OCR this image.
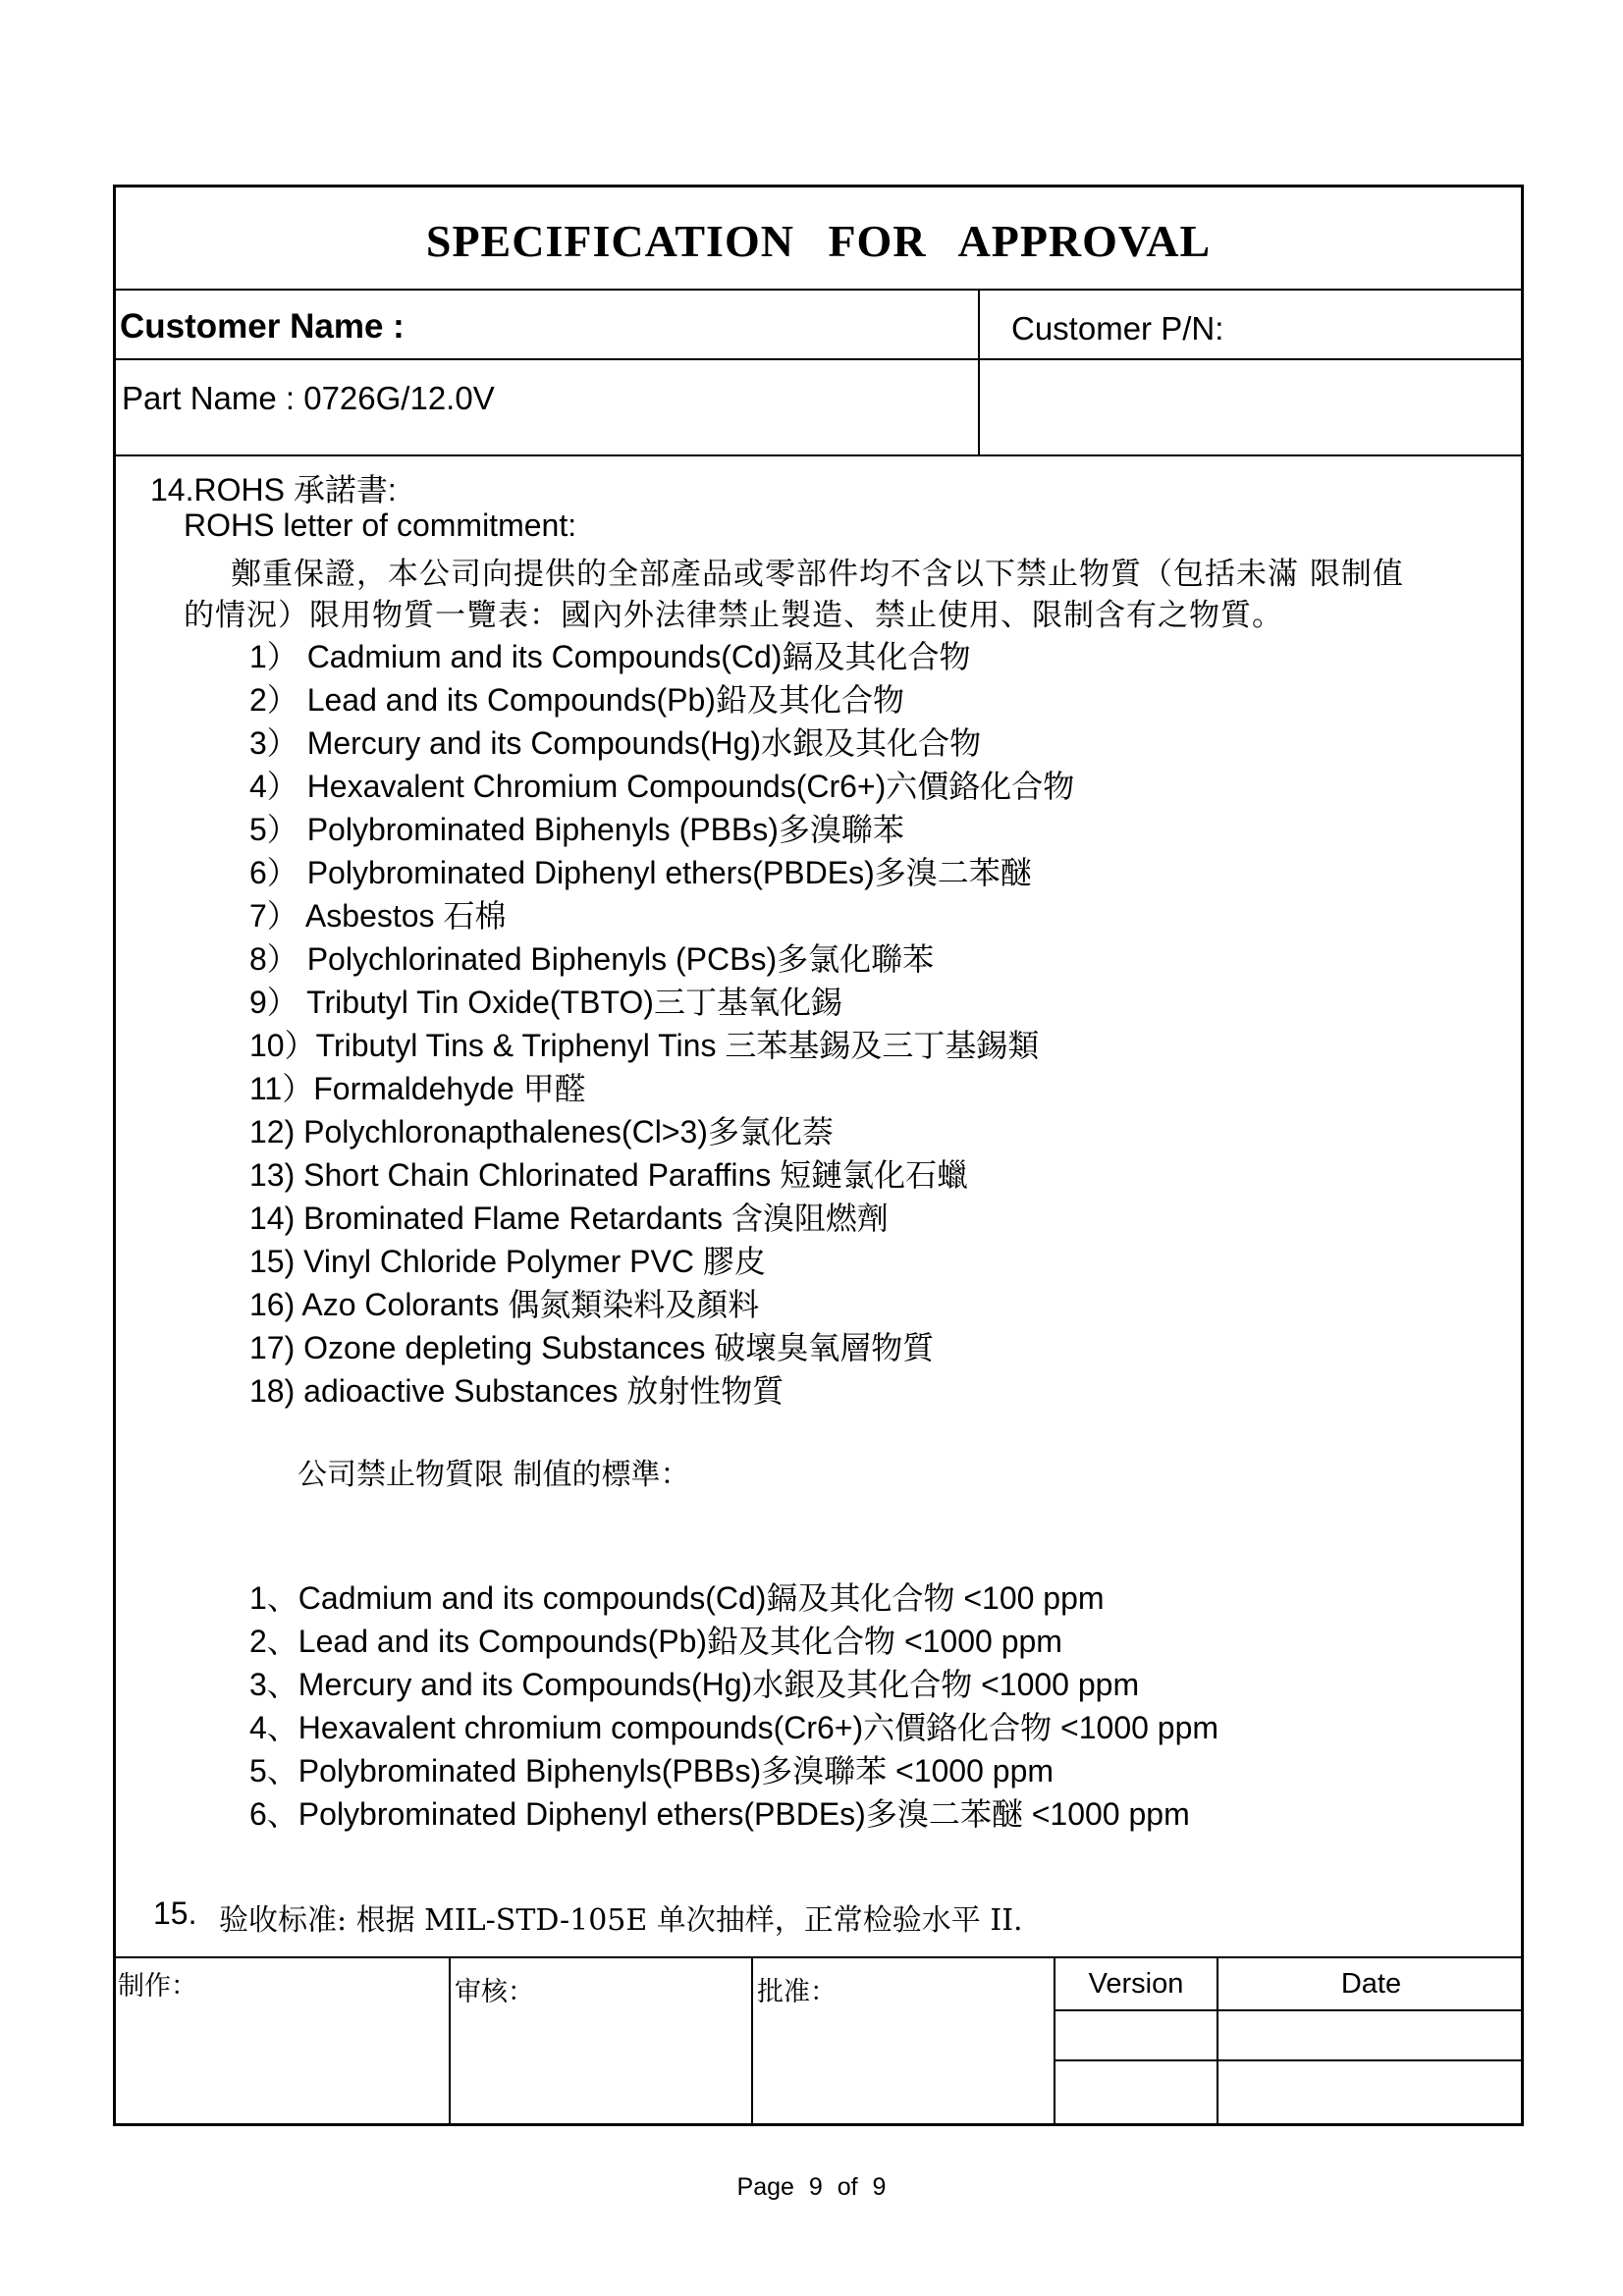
SPECIFICATION FOR APPROVAL
Customer Name :	Customer P/N:
Part Name : 0726G/12.0V
14.ROHS 承諾書:
ROHS letter of commitment:
鄭重保證，本公司向提供的全部產品或零部件均不含以下禁止物質（包括未滿 限制值
的情況）限用物質一覽表：國內外法律禁止製造、禁止使用、限制含有之物質。
1） Cadmium and its Compounds(Cd)鎘及其化合物
2） Lead and its Compounds(Pb)鉛及其化合物
3） Mercury and its Compounds(Hg)水銀及其化合物
4） Hexavalent Chromium Compounds(Cr6+)六價鉻化合物
5） Polybrominated Biphenyls (PBBs)多溴聯苯
6） Polybrominated Diphenyl ethers(PBDEs)多溴二苯醚
7） Asbestos 石棉
8） Polychlorinated Biphenyls (PCBs)多氯化聯苯
9） Tributyl Tin Oxide(TBTO)三丁基氧化錫
10）Tributyl Tins & Triphenyl Tins 三苯基錫及三丁基錫類
11）Formaldehyde 甲醛
12) Polychloronapthalenes(Cl>3)多氯化萘
13) Short Chain Chlorinated Paraffins 短鏈氯化石蠟
14) Brominated Flame Retardants 含溴阻燃劑
15) Vinyl Chloride Polymer PVC 膠皮
16) Azo Colorants 偶氮類染料及顏料
17) Ozone depleting Substances 破壞臭氧層物質
18) adioactive Substances 放射性物質
公司禁止物質限 制值的標準：
1、Cadmium and its compounds(Cd)鎘及其化合物 <100 ppm
2、Lead and its Compounds(Pb)鉛及其化合物 <1000 ppm
3、Mercury and its Compounds(Hg)水銀及其化合物 <1000 ppm
4、Hexavalent chromium compounds(Cr6+)六價鉻化合物 <1000 ppm
5、Polybrominated Biphenyls(PBBs)多溴聯苯 <1000 ppm
6、Polybrominated Diphenyl ethers(PBDEs)多溴二苯醚 <1000 ppm
15. 验收标准: 根据 MIL-STD-105E 单次抽样，正常检验水平 II.
制作：	审核：	批准：	Version	Date
Page 9 of 9
